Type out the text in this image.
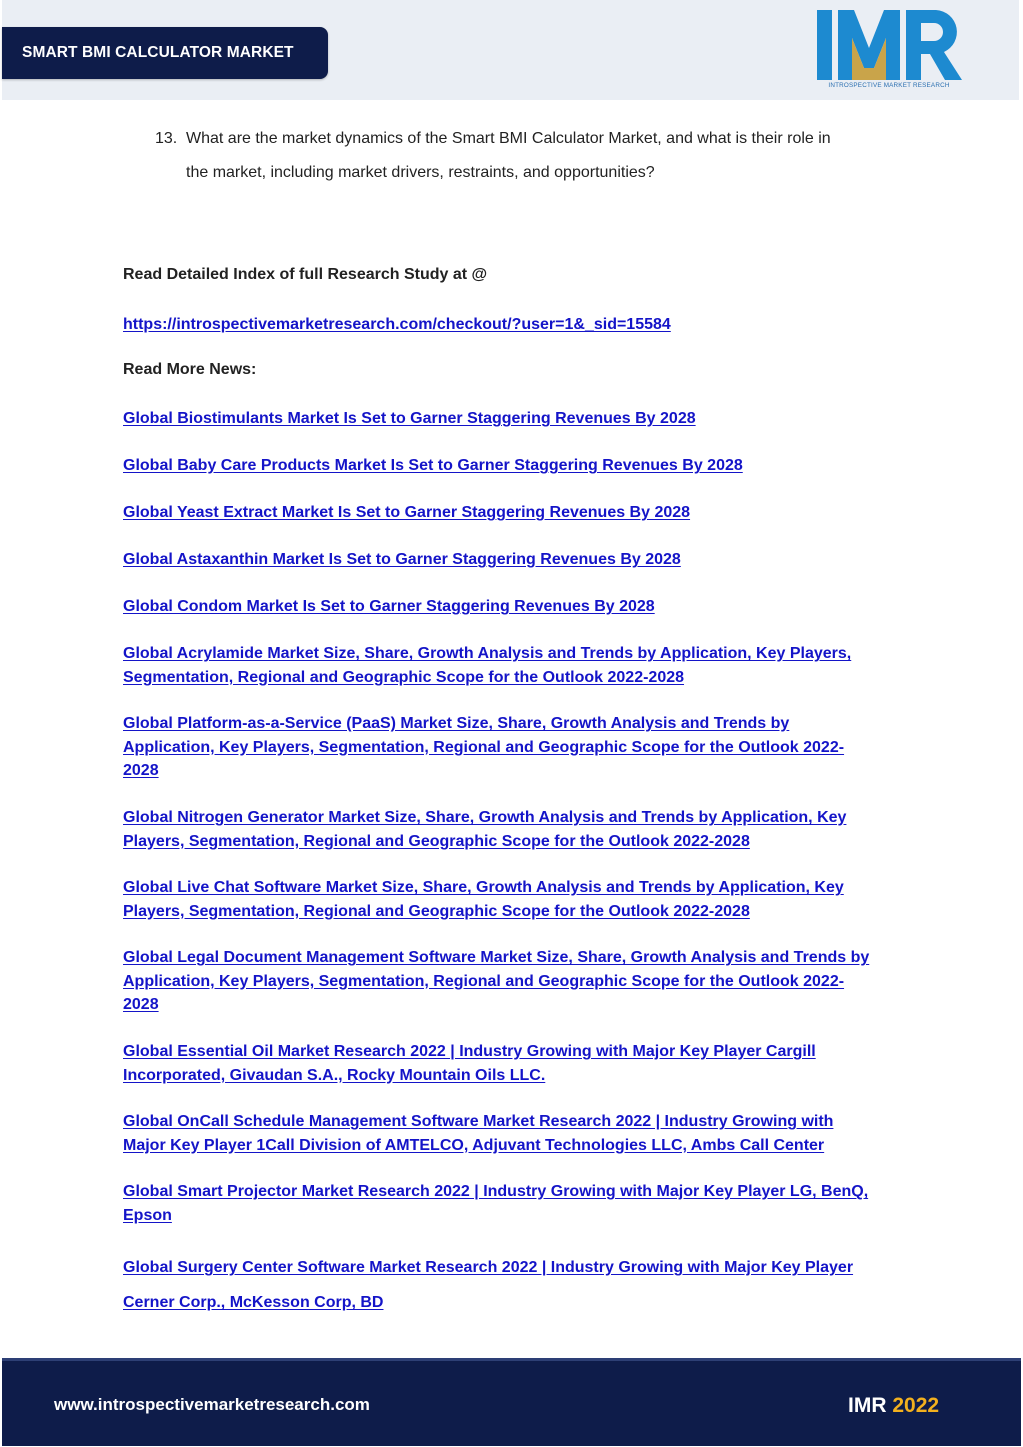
SMART BMI CALCULATOR MARKET
INTROSPECTIVE MARKET RESEARCH
13. What are the market dynamics of the Smart BMI Calculator Market, and what is their role in
the market, including market drivers, restraints, and opportunities?
Read Detailed Index of full Research Study at @
https://introspectivemarketresearch.com/checkout/?user=1&_sid=15584
Read More News:
Global Biostimulants Market Is Set to Garner Staggering Revenues By 2028
Global Baby Care Products Market Is Set to Garner Staggering Revenues By 2028
Global Yeast Extract Market Is Set to Garner Staggering Revenues By 2028
Global Astaxanthin Market Is Set to Garner Staggering Revenues By 2028
Global Condom Market Is Set to Garner Staggering Revenues By 2028
Global Acrylamide Market Size, Share, Growth Analysis and Trends by Application, Key Players,
Segmentation, Regional and Geographic Scope for the Outlook 2022-2028
Global Platform-as-a-Service (PaaS) Market Size, Share, Growth Analysis and Trends by
Application, Key Players, Segmentation, Regional and Geographic Scope for the Outlook 2022-
2028
Global Nitrogen Generator Market Size, Share, Growth Analysis and Trends by Application, Key
Players, Segmentation, Regional and Geographic Scope for the Outlook 2022-2028
Global Live Chat Software Market Size, Share, Growth Analysis and Trends by Application, Key
Players, Segmentation, Regional and Geographic Scope for the Outlook 2022-2028
Global Legal Document Management Software Market Size, Share, Growth Analysis and Trends by
Application, Key Players, Segmentation, Regional and Geographic Scope for the Outlook 2022-
2028
Global Essential Oil Market Research 2022 | Industry Growing with Major Key Player Cargill
Incorporated, Givaudan S.A., Rocky Mountain Oils LLC.
Global OnCall Schedule Management Software Market Research 2022 | Industry Growing with
Major Key Player 1Call Division of AMTELCO, Adjuvant Technologies LLC, Ambs Call Center
Global Smart Projector Market Research 2022 | Industry Growing with Major Key Player LG, BenQ,
Epson
Global Surgery Center Software Market Research 2022 | Industry Growing with Major Key Player
Cerner Corp., McKesson Corp, BD
www.introspectivemarketresearch.com	IMR 2022
